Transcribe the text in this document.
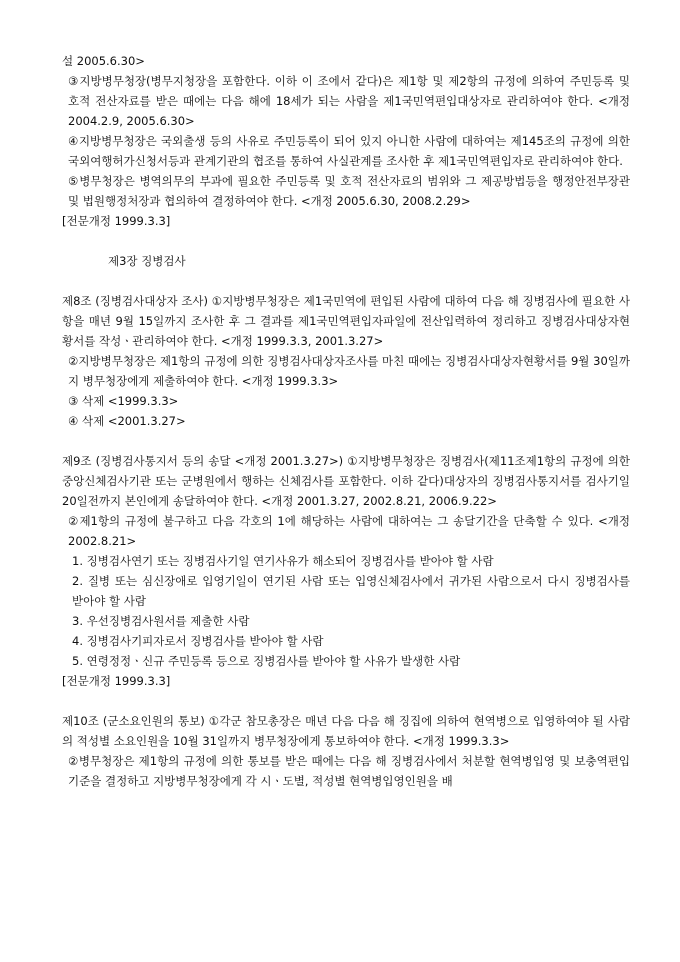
설 2005.6.30>

③지방병무청장(병무지청장을 포함한다. 이하 이 조에서 같다)은 제1항 및 제2항의 규정에 의하여 주민등록 및 호적 전산자료를 받은 때에는 다음 해에 18세가 되는 사람을 제1국민역편입대상자로 관리하여야 한다. <개정 2004.2.9, 2005.6.30>

④지방병무청장은 국외출생 등의 사유로 주민등록이 되어 있지 아니한 사람에 대하여는 제145조의 규정에 의한 국외여행허가신청서등과 관계기관의 협조를 통하여 사실관계를 조사한 후 제1국민역편입자로 관리하여야 한다.

⑤병무청장은 병역의무의 부과에 필요한 주민등록 및 호적 전산자료의 범위와 그 제공방법등을 행정안전부장관 및 법원행정처장과 협의하여 결정하여야 한다. <개정 2005.6.30, 2008.2.29>

[전문개정 1999.3.3]

제3장 징병검사

제8조 (징병검사대상자 조사) ①지방병무청장은 제1국민역에 편입된 사람에 대하여 다음 해 징병검사에 필요한 사항을 매년 9월 15일까지 조사한 후 그 결과를 제1국민역편입자파일에 전산입력하여 정리하고 징병검사대상자현황서를 작성ㆍ관리하여야 한다. <개정 1999.3.3, 2001.3.27>

②지방병무청장은 제1항의 규정에 의한 징병검사대상자조사를 마친 때에는 징병검사대상자현황서를 9월 30일까지 병무청장에게 제출하여야 한다. <개정 1999.3.3>

③ 삭제 <1999.3.3>

④ 삭제 <2001.3.27>

제9조 (징병검사통지서 등의 송달 <개정 2001.3.27>) ①지방병무청장은 징병검사(제11조제1항의 규정에 의한 중앙신체검사기관 또는 군병원에서 행하는 신체검사를 포함한다. 이하 같다)대상자의 징병검사통지서를 검사기일 20일전까지 본인에게 송달하여야 한다. <개정 2001.3.27, 2002.8.21, 2006.9.22>

②제1항의 규정에 불구하고 다음 각호의 1에 해당하는 사람에 대하여는 그 송달기간을 단축할 수 있다. <개정 2002.8.21>

1. 징병검사연기 또는 징병검사기일 연기사유가 해소되어 징병검사를 받아야 할 사람

2. 질병 또는 심신장애로 입영기일이 연기된 사람 또는 입영신체검사에서 귀가된 사람으로서 다시 징병검사를 받아야 할 사람

3. 우선징병검사원서를 제출한 사람

4. 징병검사기피자로서 징병검사를 받아야 할 사람

5. 연령정정ㆍ신규 주민등록 등으로 징병검사를 받아야 할 사유가 발생한 사람

[전문개정 1999.3.3]

제10조 (군소요인원의 통보) ①각군 참모총장은 매년 다음 다음 해 징집에 의하여 현역병으로 입영하여야 될 사람의 적성별 소요인원을 10월 31일까지 병무청장에게 통보하여야 한다. <개정 1999.3.3>

②병무청장은 제1항의 규정에 의한 통보를 받은 때에는 다음 해 징병검사에서 처분할 현역병입영 및 보충역편입기준을 결정하고 지방병무청장에게 각 시ㆍ도별, 적성별 현역병입영인원을 배
